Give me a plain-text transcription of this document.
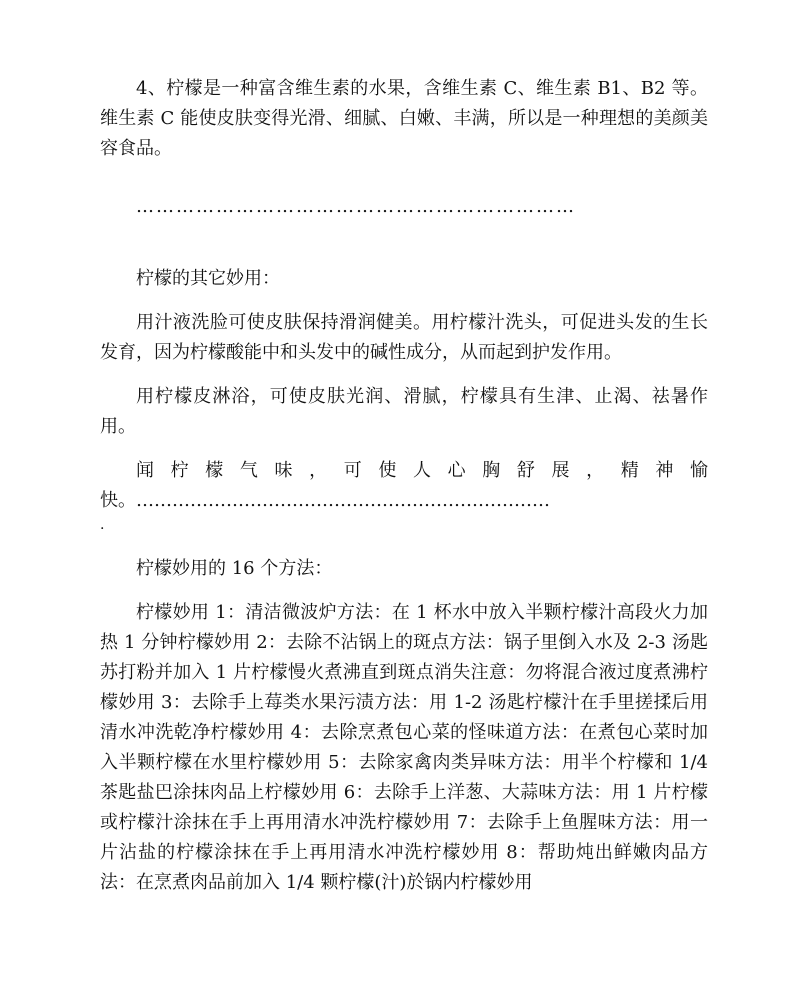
4、柠檬是一种富含维生素的水果，含维生素 C、维生素 B1、B2 等。维生素 C 能使皮肤变得光滑、细腻、白嫩、丰满，所以是一种理想的美颜美容食品。

…………………………………………………………

柠檬的其它妙用：

用汁液洗脸可使皮肤保持滑润健美。用柠檬汁洗头，可促进头发的生长发育，因为柠檬酸能中和头发中的碱性成分，从而起到护发作用。

用柠檬皮淋浴，可使皮肤光润、滑腻，柠檬具有生津、止渴、祛暑作用。

闻柠檬气味，可使人心胸舒展，精神愉

快。……………………………………………………………

.

柠檬妙用的 16 个方法：

柠檬妙用 1：清洁微波炉方法：在 1 杯水中放入半颗柠檬汁高段火力加热 1 分钟柠檬妙用 2：去除不沾锅上的斑点方法：锅子里倒入水及 2-3 汤匙苏打粉并加入 1 片柠檬慢火煮沸直到斑点消失注意：勿将混合液过度煮沸柠檬妙用 3：去除手上莓类水果污渍方法：用 1-2 汤匙柠檬汁在手里搓揉后用清水冲洗乾净柠檬妙用 4：去除烹煮包心菜的怪味道方法：在煮包心菜时加入半颗柠檬在水里柠檬妙用 5：去除家禽肉类异味方法：用半个柠檬和 1/4 茶匙盐巴涂抹肉品上柠檬妙用 6：去除手上洋葱、大蒜味方法：用 1 片柠檬或柠檬汁涂抹在手上再用清水冲洗柠檬妙用 7：去除手上鱼腥味方法：用一片沾盐的柠檬涂抹在手上再用清水冲洗柠檬妙用 8：帮助炖出鲜嫩肉品方法：在烹煮肉品前加入 1/4 颗柠檬(汁)於锅内柠檬妙用
